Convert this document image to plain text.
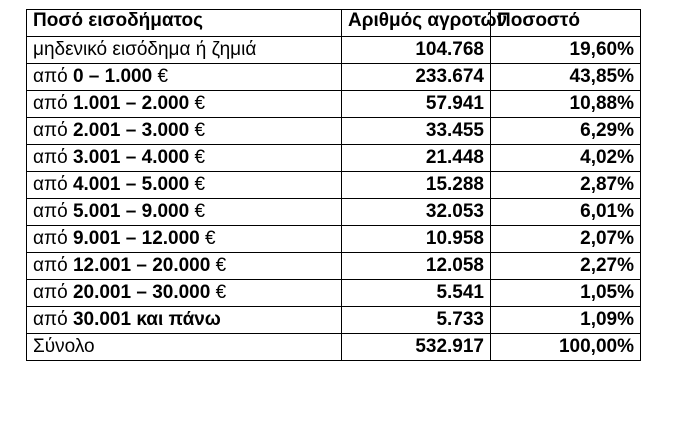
Ποσό εισοδήματος	Αριθμός αγροτών	Ποσοστό
μηδενικό εισόδημα ή ζημιά	104.768	19,60%
από 0 – 1.000 €	233.674	43,85%
από 1.001 – 2.000 €	57.941	10,88%
από 2.001 – 3.000 €	33.455	6,29%
από 3.001 – 4.000 €	21.448	4,02%
από 4.001 – 5.000 €	15.288	2,87%
από 5.001 – 9.000 €	32.053	6,01%
από 9.001 – 12.000 €	10.958	2,07%
από 12.001 – 20.000 €	12.058	2,27%
από 20.001 – 30.000 €	5.541	1,05%
από 30.001 και πάνω	5.733	1,09%
Σύνολο	532.917	100,00%
